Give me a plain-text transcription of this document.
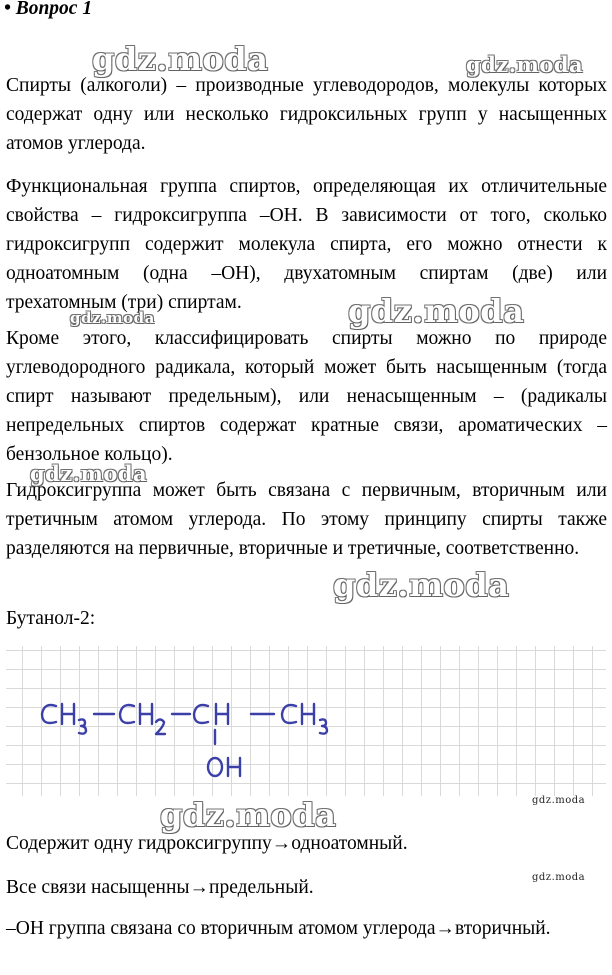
• Вопрос 1

Спирты (алкоголи) – производные углеводородов, молекулы которых содержат одну или несколько гидроксильных групп у насыщенных атомов углерода.

Функциональная группа спиртов, определяющая их отличительные свойства – гидроксигруппа –OH. В зависимости от того, сколько гидроксигрупп содержит молекула спирта, его можно отнести к одноатомным (одна –OH), двухатомным спиртам (две) или трехатомным (три) спиртам.

Кроме этого, классифицировать спирты можно по природе углеводородного радикала, который может быть насыщенным (тогда спирт называют предельным), или ненасыщенным – (радикалы непредельных спиртов содержат кратные связи, ароматических – бензольное кольцо).

Гидроксигруппа может быть связана с первичным, вторичным или третичным атомом углерода. По этому принципу спирты также разделяются на первичные, вторичные и третичные, соответственно.

Бутанол-2:

Содержит одну гидроксигруппу→одноатомный.

Все связи насыщенны→предельный.

–OH группа связана со вторичным атомом углерода→вторичный.

gdz.moda	gdz.moda
gdz.moda
gdz.moda
gdz.moda
gdz.moda
gdz.moda	gdz.moda
gdz.moda
